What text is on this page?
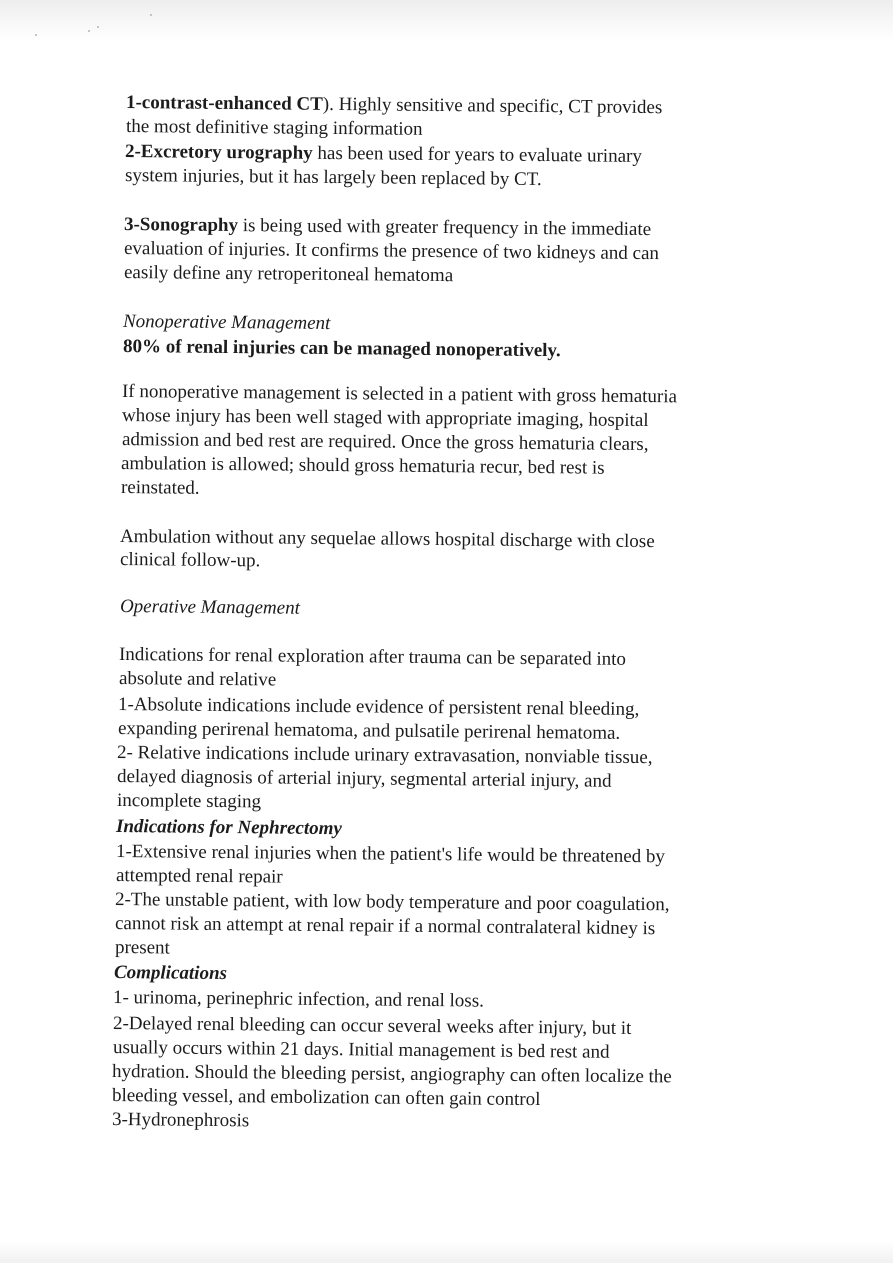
1-contrast-enhanced CT). Highly sensitive and specific, CT provides
the most definitive staging information
2-Excretory urography has been used for years to evaluate urinary
system injuries, but it has largely been replaced by CT.
3-Sonography is being used with greater frequency in the immediate
evaluation of injuries. It confirms the presence of two kidneys and can
easily define any retroperitoneal hematoma
Nonoperative Management
80% of renal injuries can be managed nonoperatively.
If nonoperative management is selected in a patient with gross hematuria
whose injury has been well staged with appropriate imaging, hospital
admission and bed rest are required. Once the gross hematuria clears,
ambulation is allowed; should gross hematuria recur, bed rest is
reinstated.
Ambulation without any sequelae allows hospital discharge with close
clinical follow-up.
Operative Management
Indications for renal exploration after trauma can be separated into
absolute and relative
1-Absolute indications include evidence of persistent renal bleeding,
expanding perirenal hematoma, and pulsatile perirenal hematoma.
2- Relative indications include urinary extravasation, nonviable tissue,
delayed diagnosis of arterial injury, segmental arterial injury, and
incomplete staging
Indications for Nephrectomy
1-Extensive renal injuries when the patient's life would be threatened by
attempted renal repair
2-The unstable patient, with low body temperature and poor coagulation,
cannot risk an attempt at renal repair if a normal contralateral kidney is
present
Complications
1- urinoma, perinephric infection, and renal loss.
2-Delayed renal bleeding can occur several weeks after injury, but it
usually occurs within 21 days. Initial management is bed rest and
hydration. Should the bleeding persist, angiography can often localize the
bleeding vessel, and embolization can often gain control
3-Hydronephrosis
